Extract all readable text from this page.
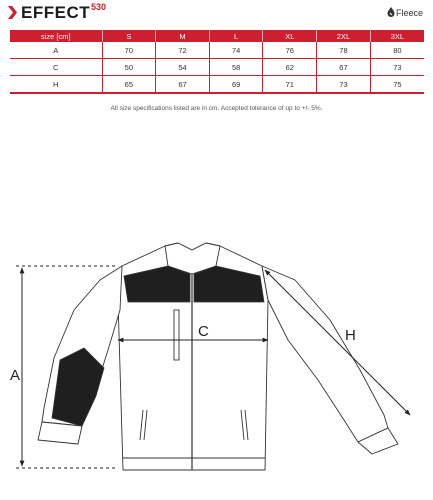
EFFECT 530
Fleece
size [cm]	S	M	L	XL	2XL	3XL
A	70	72	74	76	78	80
C	50	54	58	62	67	73
H	65	67	69	71	73	75
All size specifications listed are in cm. Accepted tolerance of up to +/- 5%.
A
C	H
